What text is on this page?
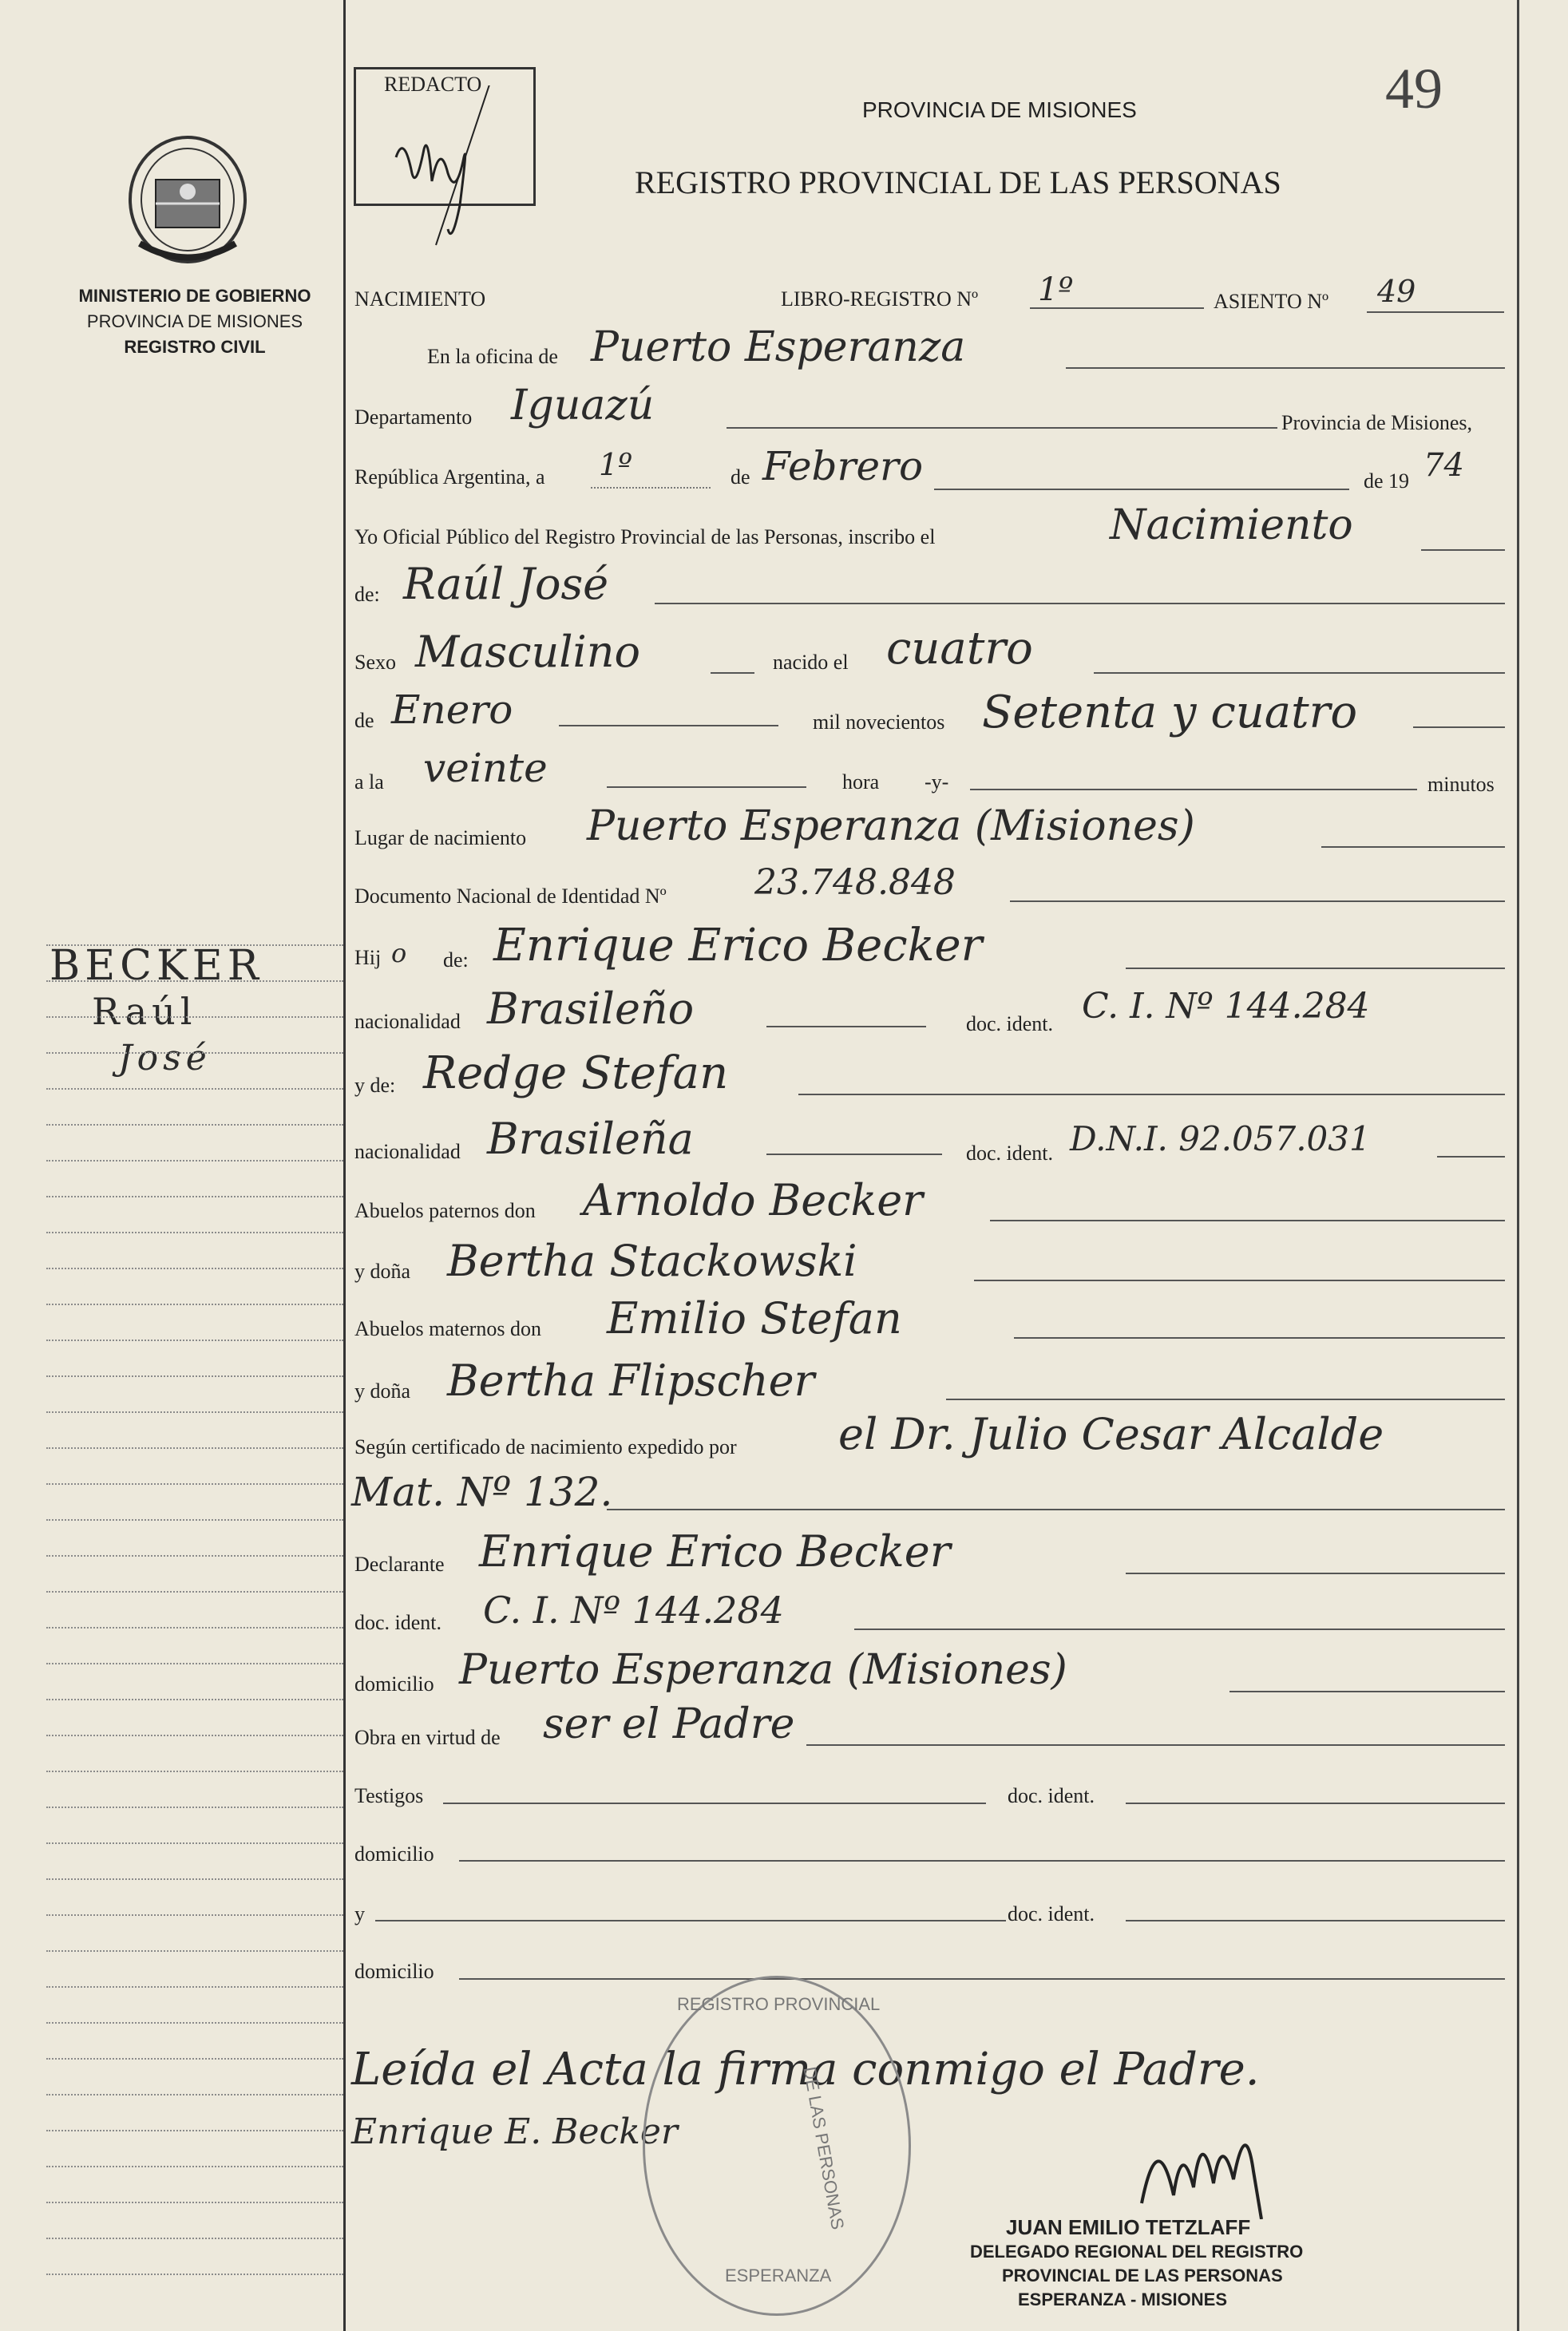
MINISTERIO DE GOBIERNO
PROVINCIA DE MISIONES
REGISTRO CIVIL
REDACTO	49
PROVINCIA DE MISIONES
REGISTRO PROVINCIAL DE LAS PERSONAS
NACIMIENTO	LIBRO-REGISTRO Nº 1º	ASIENTO Nº 49
En la oficina de Puerto Esperanza
Departamento Iguazú	Provincia de Misiones,
República Argentina, a 1º	de Febrero	de 19 74
Yo Oficial Público del Registro Provincial de las Personas, inscribo el	Nacimiento
de: Raúl José
Sexo Masculino	nacido el cuatro
de Enero	mil novecientos Setenta y cuatro
a la veinte	hora -y-	minutos
Lugar de nacimiento Puerto Esperanza (Misiones)
Documento Nacional de Identidad Nº	23.748.848
Hij o de: Enrique Erico Becker
nacionalidad Brasileño	doc. ident. C. I. Nº 144.284
y de: Redge Stefan
nacionalidad Brasileña	doc. ident. D.N.I. 92.057.031
Abuelos paternos don Arnoldo Becker
y doña Bertha Stackowski
Abuelos maternos don Emilio Stefan
y doña Bertha Flipscher
Según certificado de nacimiento expedido por el Dr. Julio Cesar Alcalde
Mat. Nº 132.
Declarante Enrique Erico Becker
doc. ident. C. I. Nº 144.284
domicilio Puerto Esperanza (Misiones)
Obra en virtud de ser el Padre
Testigos	doc. ident.
domicilio
y	doc. ident.
domicilio
Leída el Acta la firma conmigo el Padre.
Enrique E. Becker
REGISTRO PROVINCIAL
DE LAS PERSONAS
ESPERANZA
JUAN EMILIO TETZLAFF
DELEGADO REGIONAL DEL REGISTRO
PROVINCIAL DE LAS PERSONAS
ESPERANZA - MISIONES
BECKER
Raúl
José
